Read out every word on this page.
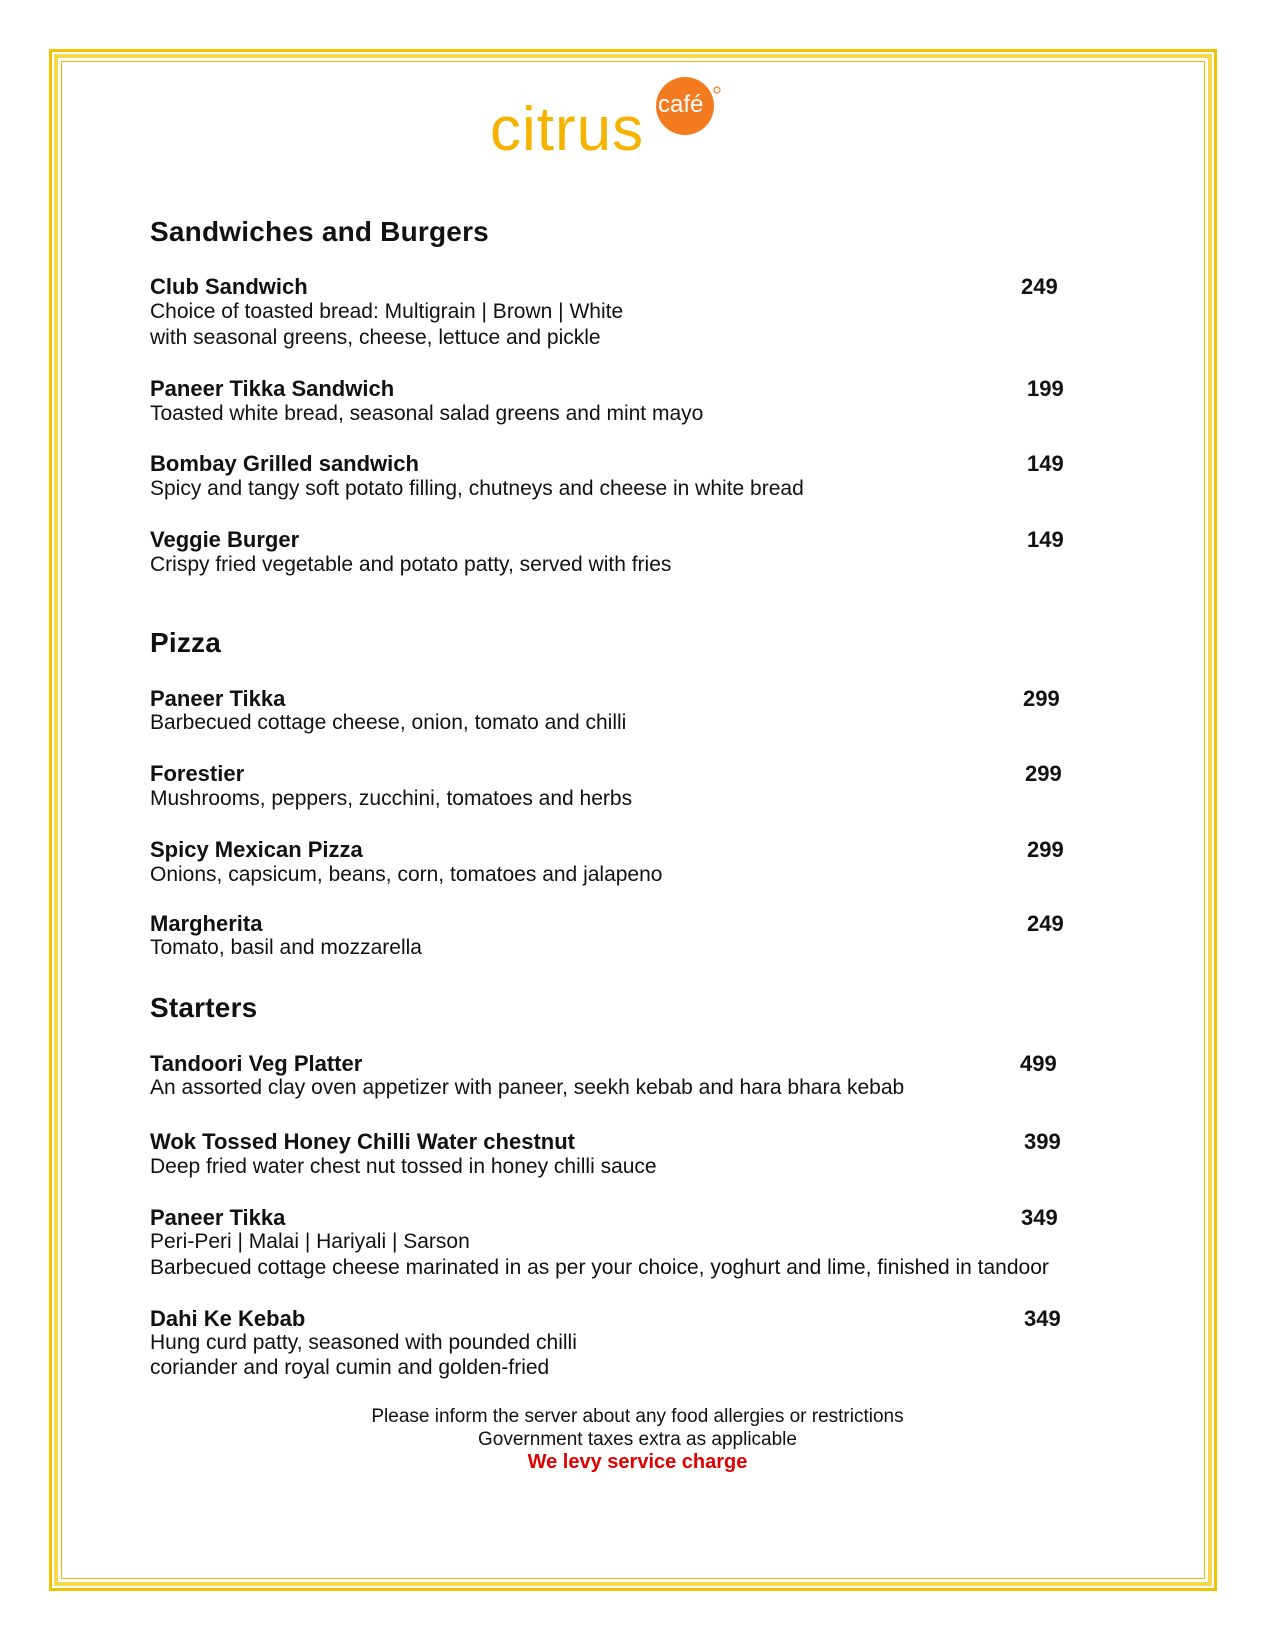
café
citrus
Sandwiches and Burgers
Club Sandwich	249
Choice of toasted bread: Multigrain | Brown | White
with seasonal greens, cheese, lettuce and pickle
Paneer Tikka Sandwich	199
Toasted white bread, seasonal salad greens and mint mayo
Bombay Grilled sandwich	149
Spicy and tangy soft potato filling, chutneys and cheese in white bread
Veggie Burger	149
Crispy fried vegetable and potato patty, served with fries
Pizza
Paneer Tikka	299
Barbecued cottage cheese, onion, tomato and chilli
Forestier	299
Mushrooms, peppers, zucchini, tomatoes and herbs
Spicy Mexican Pizza	299
Onions, capsicum, beans, corn, tomatoes and jalapeno
Margherita	249
Tomato, basil and mozzarella
Starters
Tandoori Veg Platter	499
An assorted clay oven appetizer with paneer, seekh kebab and hara bhara kebab
Wok Tossed Honey Chilli Water chestnut	399
Deep fried water chest nut tossed in honey chilli sauce
Paneer Tikka	349
Peri-Peri | Malai | Hariyali | Sarson
Barbecued cottage cheese marinated in as per your choice, yoghurt and lime, finished in tandoor
Dahi Ke Kebab	349
Hung curd patty, seasoned with pounded chilli
coriander and royal cumin and golden-fried

Please inform the server about any food allergies or restrictions

Government taxes extra as applicable

We levy service charge
